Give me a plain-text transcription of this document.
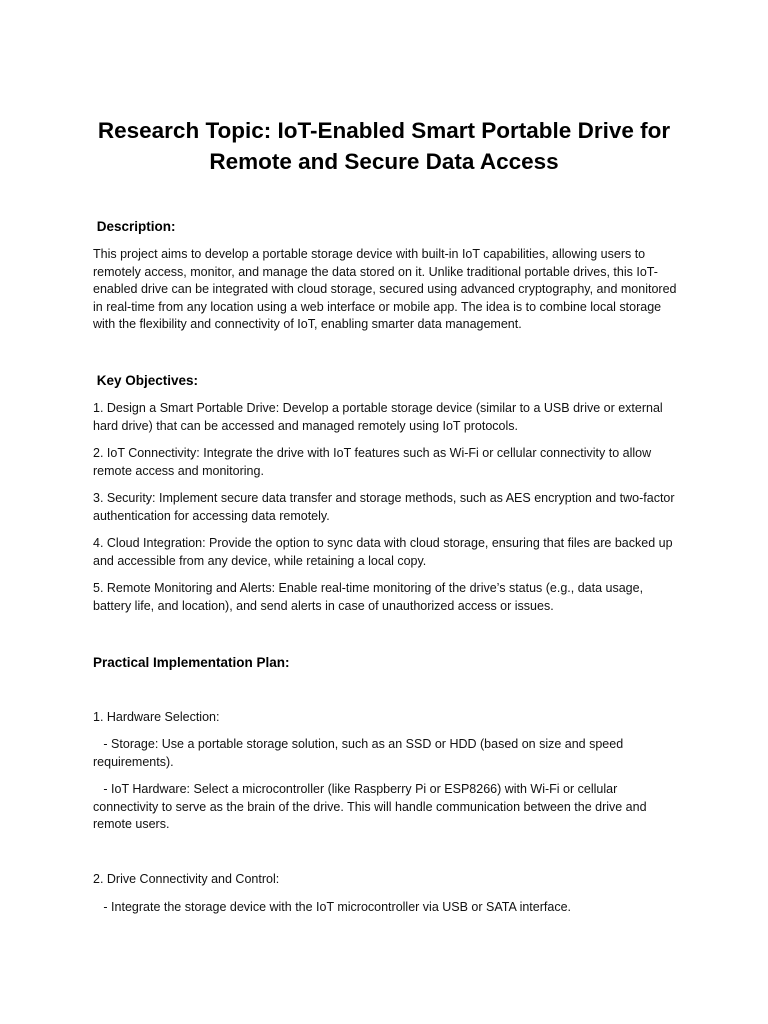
Research Topic: IoT-Enabled Smart Portable Drive for
Remote and Secure Data Access
Description:

This project aims to develop a portable storage device with built-in IoT capabilities, allowing users to remotely access, monitor, and manage the data stored on it. Unlike traditional portable drives, this IoT-enabled drive can be integrated with cloud storage, secured using advanced cryptography, and monitored in real-time from any location using a web interface or mobile app. The idea is to combine local storage with the flexibility and connectivity of IoT, enabling smarter data management.

Key Objectives:

1. Design a Smart Portable Drive: Develop a portable storage device (similar to a USB drive or external hard drive) that can be accessed and managed remotely using IoT protocols.

2. IoT Connectivity: Integrate the drive with IoT features such as Wi-Fi or cellular connectivity to allow remote access and monitoring.

3. Security: Implement secure data transfer and storage methods, such as AES encryption and two-factor authentication for accessing data remotely.

4. Cloud Integration: Provide the option to sync data with cloud storage, ensuring that files are backed up and accessible from any device, while retaining a local copy.

5. Remote Monitoring and Alerts: Enable real-time monitoring of the drive’s status (e.g., data usage, battery life, and location), and send alerts in case of unauthorized access or issues.

Practical Implementation Plan:

1. Hardware Selection:

- Storage: Use a portable storage solution, such as an SSD or HDD (based on size and speed requirements).

- IoT Hardware: Select a microcontroller (like Raspberry Pi or ESP8266) with Wi-Fi or cellular connectivity to serve as the brain of the drive. This will handle communication between the drive and remote users.

2. Drive Connectivity and Control:

- Integrate the storage device with the IoT microcontroller via USB or SATA interface.
